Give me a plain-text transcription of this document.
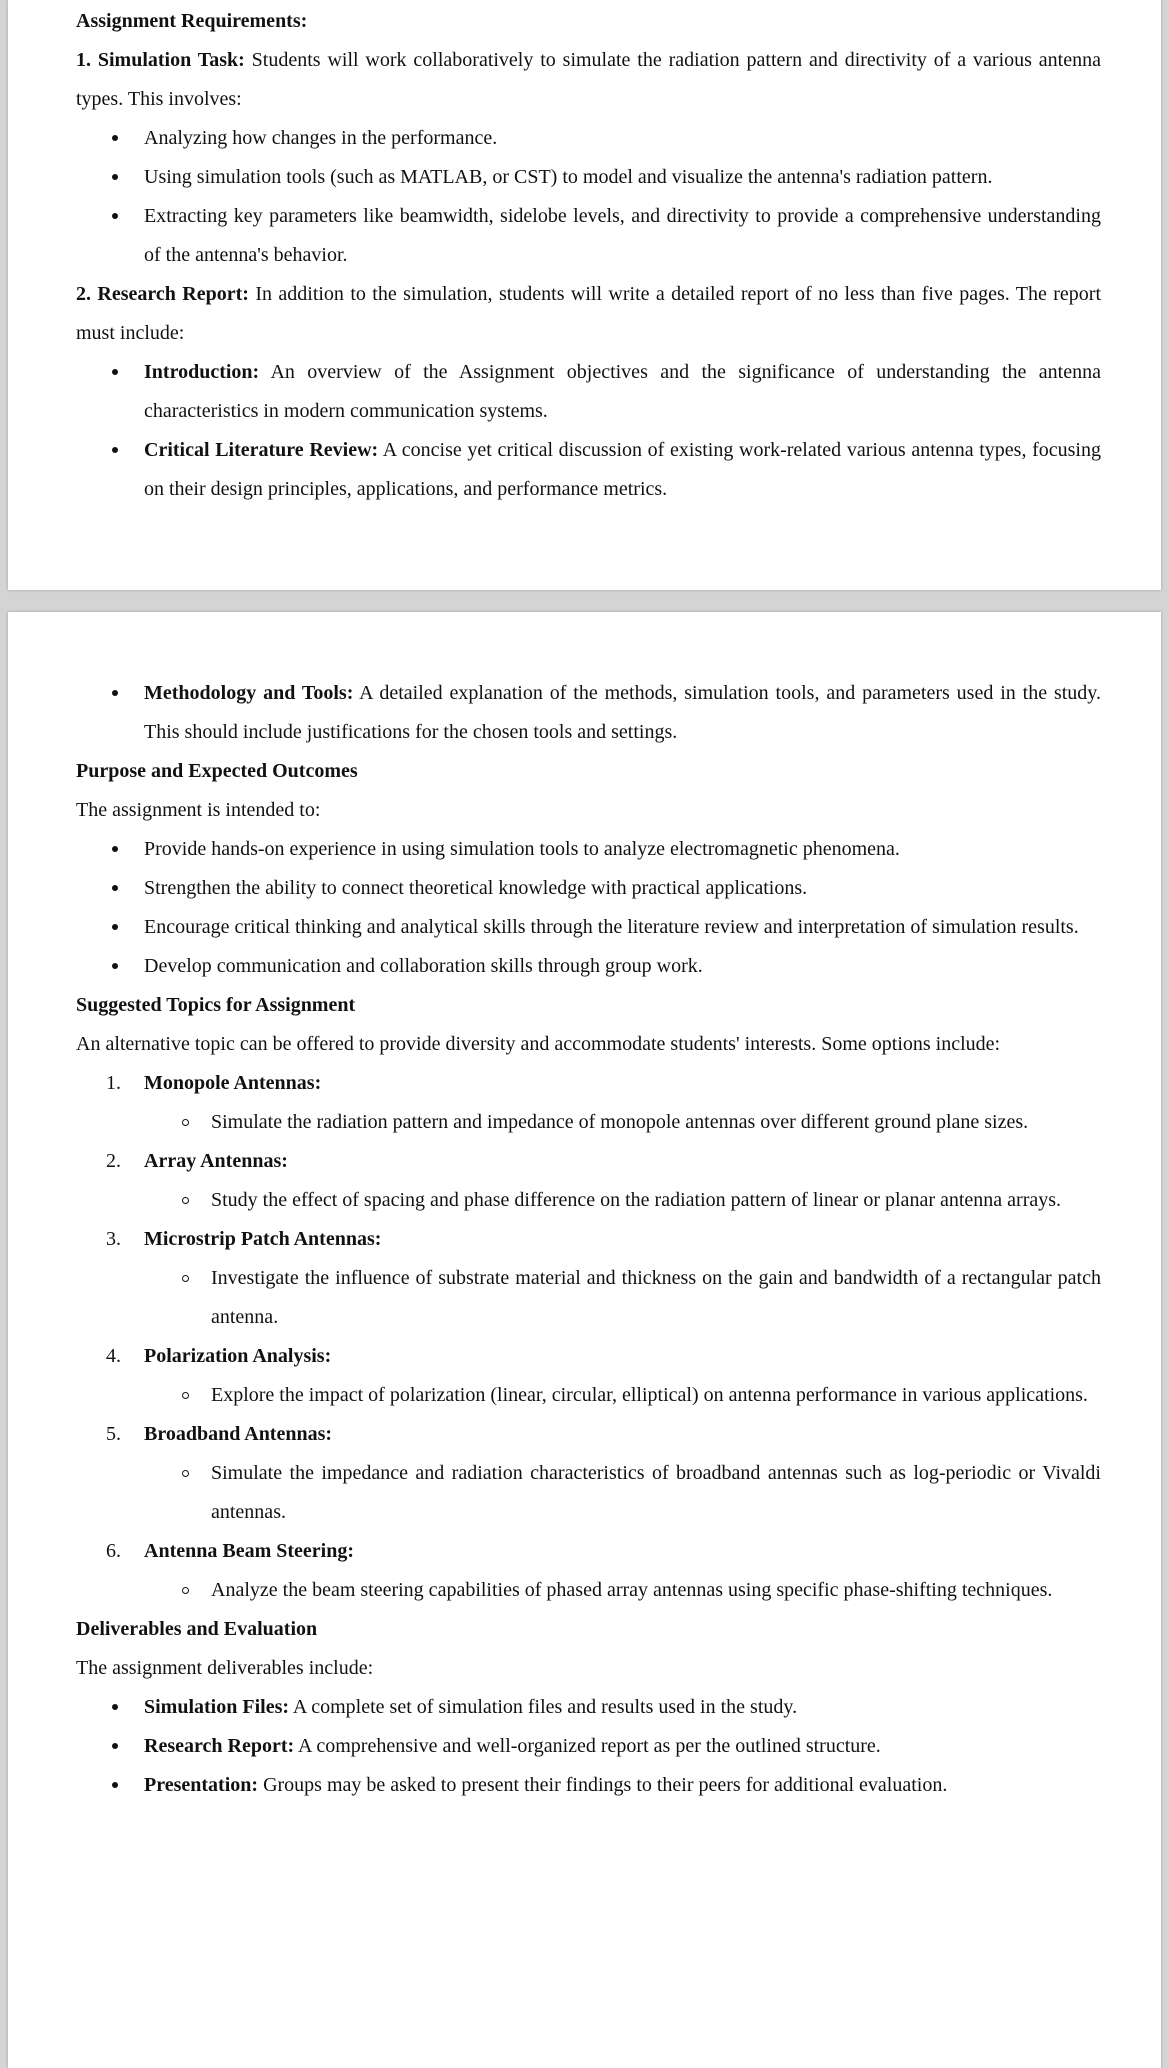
Assignment Requirements:

1. Simulation Task: Students will work collaboratively to simulate the radiation pattern and directivity of a various antenna types. This involves:

Analyzing how changes in the performance.
Using simulation tools (such as MATLAB, or CST) to model and visualize the antenna's radiation pattern.
Extracting key parameters like beamwidth, sidelobe levels, and directivity to provide a comprehensive understanding of the antenna's behavior.

2. Research Report: In addition to the simulation, students will write a detailed report of no less than five pages. The report must include:

Introduction: An overview of the Assignment objectives and the significance of understanding the antenna characteristics in modern communication systems.
Critical Literature Review: A concise yet critical discussion of existing work-related various antenna types, focusing on their design principles, applications, and performance metrics.
Methodology and Tools: A detailed explanation of the methods, simulation tools, and parameters used in the study. This should include justifications for the chosen tools and settings.

Purpose and Expected Outcomes

The assignment is intended to:

Provide hands-on experience in using simulation tools to analyze electromagnetic phenomena.
Strengthen the ability to connect theoretical knowledge with practical applications.
Encourage critical thinking and analytical skills through the literature review and interpretation of simulation results.
Develop communication and collaboration skills through group work.

Suggested Topics for Assignment

An alternative topic can be offered to provide diversity and accommodate students' interests. Some options include:

1. Monopole Antennas:
Simulate the radiation pattern and impedance of monopole antennas over different ground plane sizes.
2. Array Antennas:
Study the effect of spacing and phase difference on the radiation pattern of linear or planar antenna arrays.
3. Microstrip Patch Antennas:
Investigate the influence of substrate material and thickness on the gain and bandwidth of a rectangular patch antenna.
4. Polarization Analysis:
Explore the impact of polarization (linear, circular, elliptical) on antenna performance in various applications.
5. Broadband Antennas:
Simulate the impedance and radiation characteristics of broadband antennas such as log-periodic or Vivaldi antennas.
6. Antenna Beam Steering:
Analyze the beam steering capabilities of phased array antennas using specific phase-shifting techniques.

Deliverables and Evaluation

The assignment deliverables include:

Simulation Files: A complete set of simulation files and results used in the study.
Research Report: A comprehensive and well-organized report as per the outlined structure.
Presentation: Groups may be asked to present their findings to their peers for additional evaluation.
